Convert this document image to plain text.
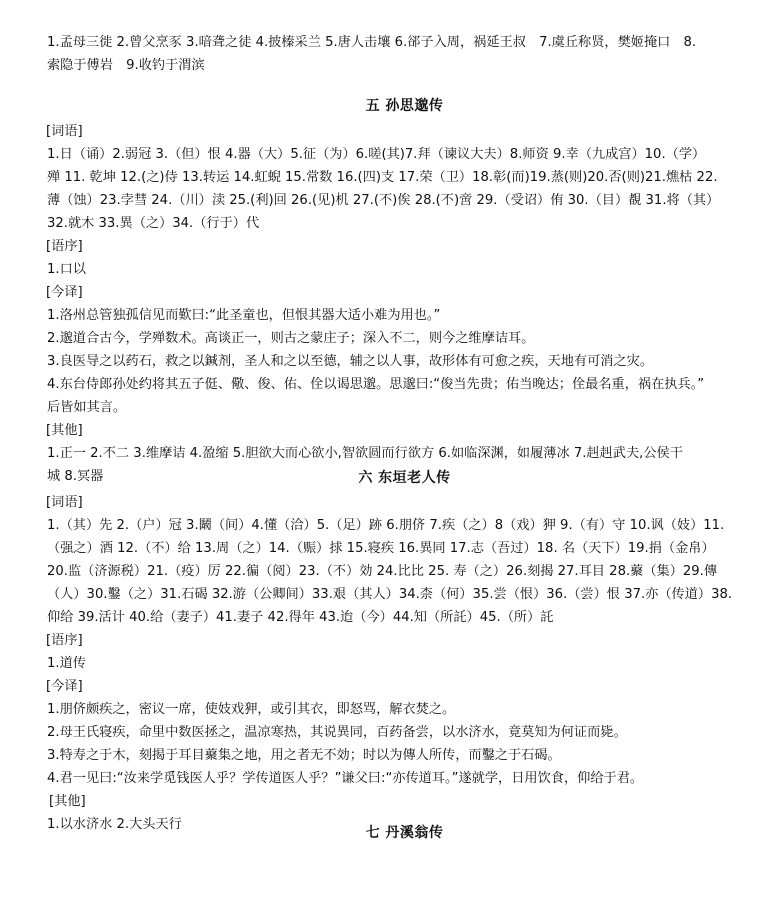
1.孟母三徙 2.曾父烹豕 3.喑聋之徒 4.披榛采兰 5.唐人击壤 6.郤子入周，祸延王叔　7.虞丘称贤，樊姬掩口　8.

索隐于傅岩　9.收钓于渭滨

五 孙思邈传

[词语]

1.日（诵）2.弱冠 3.（但）恨 4.器（大）5.征（为）6.嗟(其)7.拜（谏议大夫）8.师资 9.幸（九成宫）10.（学）

殚 11. 乾坤 12.(之)侍 13.转运 14.虹蜺 15.常数 16.(四)支 17.荣（卫）18.彰(而)19.蒸(则)20.否(则)21.燋枯 22.

薄（蚀）23.孛彗 24.（川）渎 25.(利)回 26.(见)机 27.(不)俟 28.(不)啻 29.（受诏）侑 30.（目）覩 31.将（其）

32.就木 33.異（之）34.（行于）代

[语序]

1.口以

[今译]

1.洛州总管独孤信见而歎曰:“此圣童也，但恨其器大适小难为用也。”

2.邈道合古今，学殚数术。高谈正一，则古之蒙庄子；深入不二，则今之维摩诘耳。

3.良医导之以药石，救之以鍼剂，圣人和之以至德，辅之以人事，故形体有可愈之疾，天地有可消之灾。

4.东台侍郎孙处约将其五子侹、儆、俊、佑、佺以谒思邈。思邈曰:“俊当先贵；佑当晚达；佺最名重，祸在执兵。”

后皆如其言。

[其他]

1.正一 2.不二 3.维摩诘 4.盈缩 5.胆欲大而心欲小,智欲圆而行欲方 6.如临深渊，如履薄冰 7.赳赳武夫,公侯干

城 8.冥器	六 东垣老人传

[词语]

1.（其）先 2.（户）冠 3.鬫（间）4.懂（洽）5.（足）跡 6.朋侪 7.疾（之）8（戏）狎 9.（有）守 10.讽（妓）11.

（强之）酒 12.（不）给 13.周（之）14.（赈）捄 15.寝疾 16.異同 17.志（吾过）18. 名（天下）19.捐（金帛）

20.监（济源税）21.（疫）厉 22.徧（阅）23.（不）効 24.比比 25. 寿（之）26.刻揭 27.耳目 28.藂（集）29.傳

（人）30.鑿（之）31.石碣 32.游（公卿间）33.艰（其人）34.柰（何）35.尝（恨）36.（尝）恨 37.亦（传道）38.

仰给 39.活计 40.给（妻子）41.妻子 42.得年 43.迨（今）44.知（所託）45.（所）託

[语序]

1.道传

[今译]

1.朋侪颇疾之，密议一席，使妓戏狎，或引其衣，即怒骂，解衣焚之。

2.母王氏寝疾，命里中数医拯之，温凉寒热，其说異同，百药备尝，以水济水，竟莫知为何证而毙。

3.特寿之于木，刻揭于耳目藂集之地，用之者无不効；时以为傳人所传，而鑿之于石碣。

4.君一见曰:“汝来学觅钱医人乎？学传道医人乎？”谦父曰:“亦传道耳。”遂就学，日用饮食，仰给于君。

[其他]

1.以水济水 2.大头天行

七 丹溪翁传
